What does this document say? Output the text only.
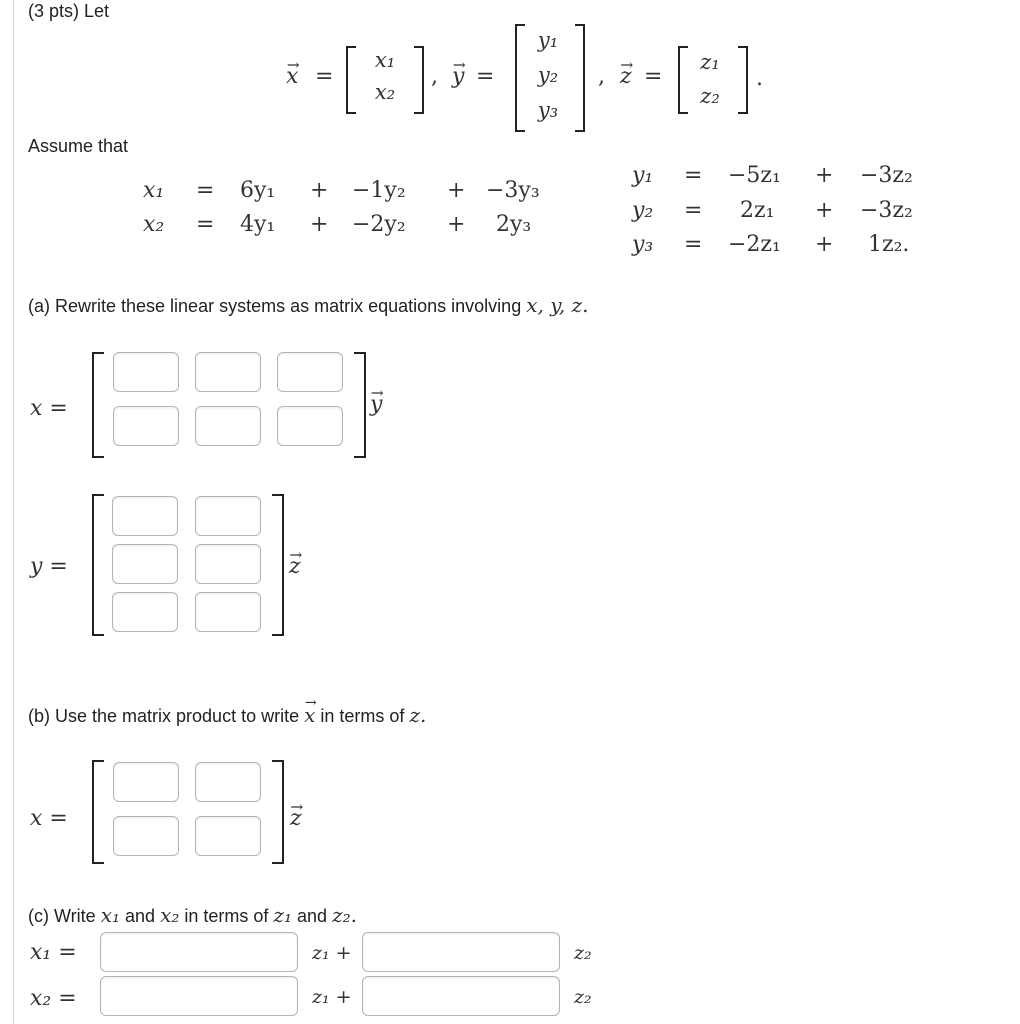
(3 pts) Let
→ x =
x₁
x₂
, → y =
y₁
y₂
y₃
, → z =
z₁
z₂
.
Assume that
x₁ = 6y₁ + −1y₂ + −3y₃
x₂ = 4y₁ + −2y₂ + 2y₃
y₁ = −5z₁ + −3z₂
y₂ = 2z₁ + −3z₂
y₃ = −2z₁ + 1z₂.
(a) Rewrite these linear systems as matrix equations involving x, y, z.
x =	→ y
y =	→ z
(b) Use the matrix product to write → x in terms of z.
x =	→ z
(c) Write x₁ and x₂ in terms of z₁ and z₂.
x₁ =	z₁ +	z₂
x₂ =	z₁ +	z₂
